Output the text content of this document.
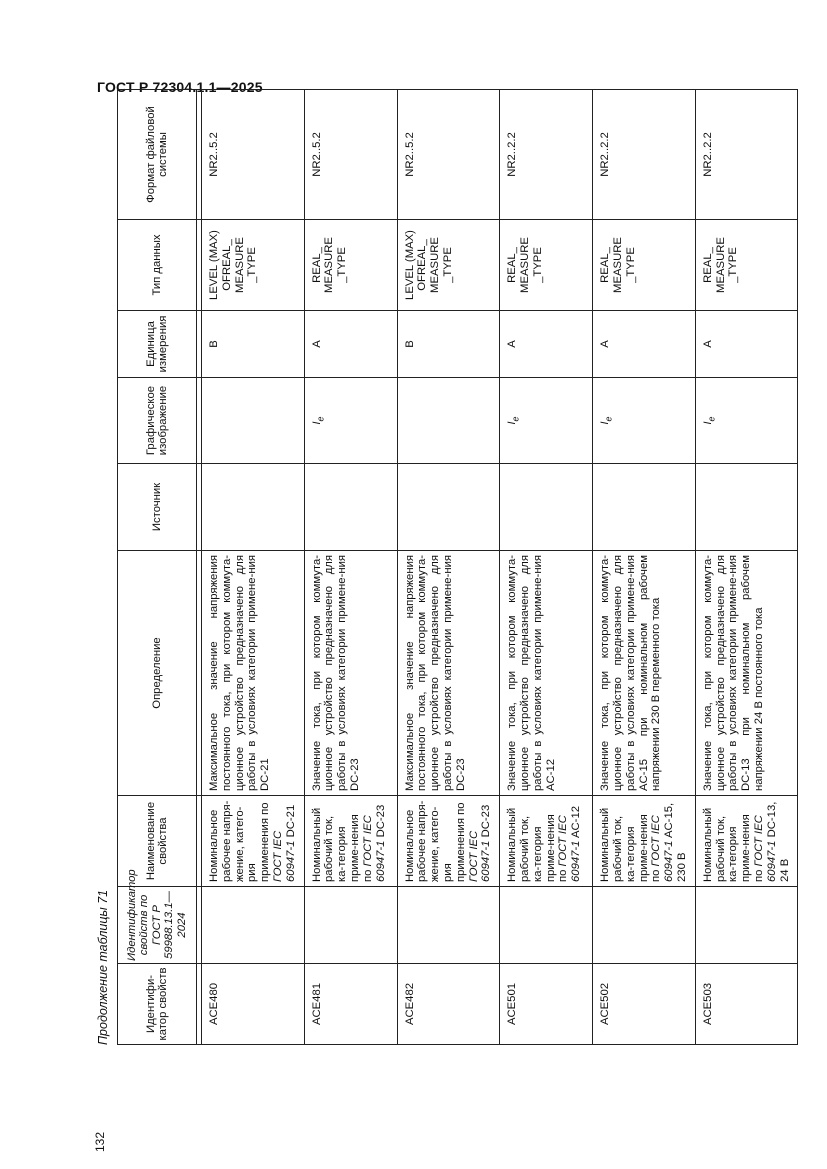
ГОСТ Р 72304.1.1—2025
132
Продолжение таблицы 71	Идентифи-катор свойств	Идентификатор свойств по ГОСТ Р 59988.13.1—2024	Наименование свойства	Определение	Источник	Графическое изображение	Единица измерения	Тип данных	Формат файловой системы

ACE480		Номинальное рабочее напря-жение, катего-рия применения по ГОСТ IEC 60947-1 DC-21	Максимальное значение напряжения постоянного тока, при котором коммута-ционное устройство предназначено для работы в условиях категории примене-ния DC-21			В	LEVEL (MAX) OFREAL_ MEASURE _TYPE	NR2..5.2
ACE481		Номинальный рабочий ток, ка-тегория приме-нения по ГОСТ IEC 60947-1 DC-23	Значение тока, при котором коммута-ционное устройство предназначено для работы в условиях категории примене-ния DC-23		$I_e$	А	REAL_ MEASURE _TYPE	NR2..5.2
ACE482		Номинальное рабочее напря-жение, катего-рия применения по ГОСТ IEC 60947-1 DC-23	Максимальное значение напряжения постоянного тока, при котором коммута-ционное устройство предназначено для работы в условиях категории примене-ния DC-23			В	LEVEL (MAX) OFREAL_ MEASURE _TYPE	NR2..5.2
ACE501		Номинальный рабочий ток, ка-тегория приме-нения по ГОСТ IEC 60947-1 AC-12	Значение тока, при котором коммута-ционное устройство предназначено для работы в условиях категории примене-ния AC-12		$I_e$	А	REAL_ MEASURE _TYPE	NR2..2.2
ACE502		Номинальный рабочий ток, ка-тегория приме-нения по ГОСТ IEC 60947-1 AC-15, 230 В	Значение тока, при котором коммута-ционное устройство предназначено для работы в условиях категории примене-ния AC-15 при номинальном рабочем напряжении 230 В переменного тока		$I_e$	А	REAL_ MEASURE _TYPE	NR2..2.2
ACE503		Номинальный рабочий ток, ка-тегория приме-нения по ГОСТ IEC 60947-1 DC-13, 24 В	Значение тока, при котором коммута-ционное устройство предназначено для работы в условиях категории примене-ния DC-13 при номинальном рабочем напряжении 24 В постоянного тока		$I_e$	А	REAL_ MEASURE _TYPE	NR2..2.2
